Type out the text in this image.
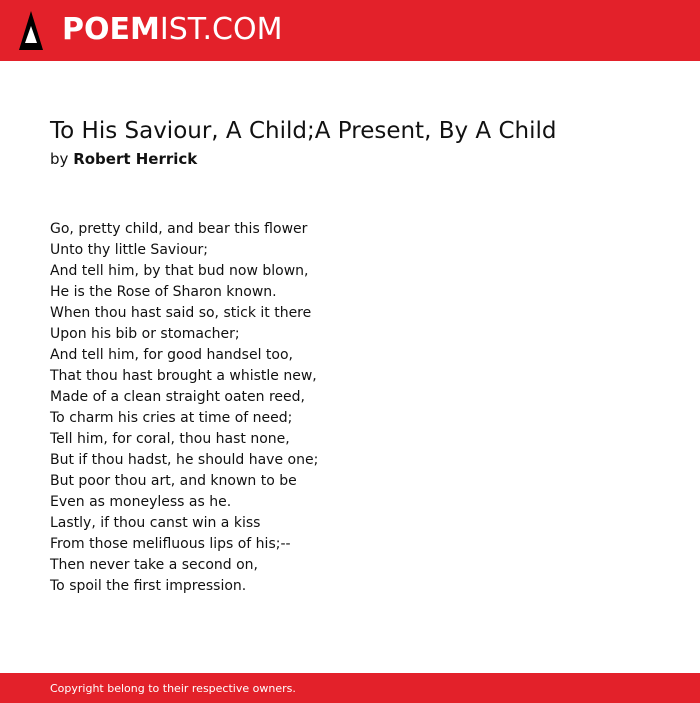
POEMIST.COM
To His Saviour, A Child;A Present, By A Child
by Robert Herrick
Go, pretty child, and bear this flower
Unto thy little Saviour;
And tell him, by that bud now blown,
He is the Rose of Sharon known.
When thou hast said so, stick it there
Upon his bib or stomacher;
And tell him, for good handsel too,
That thou hast brought a whistle new,
Made of a clean straight oaten reed,
To charm his cries at time of need;
Tell him, for coral, thou hast none,
But if thou hadst, he should have one;
But poor thou art, and known to be
Even as moneyless as he.
Lastly, if thou canst win a kiss
From those melifluous lips of his;--
Then never take a second on,
To spoil the first impression.
Copyright belong to their respective owners.
